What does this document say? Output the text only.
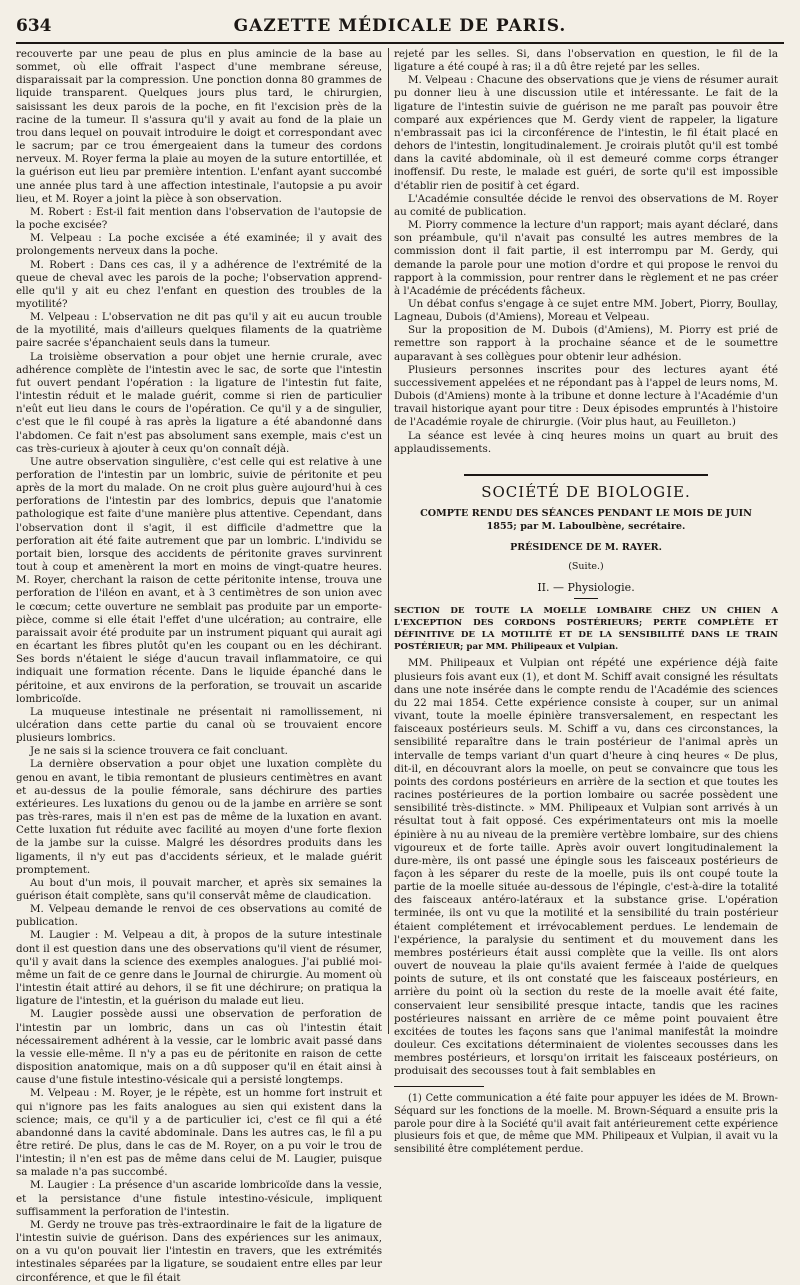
GAZETTE MÉDICALE DE PARIS.
634

recouverte par une peau de plus en plus amincie de la base au sommet, où elle offrait l'aspect d'une membrane séreuse, disparaissait par la compression. Une ponction donna 80 grammes de liquide transparent. Quelques jours plus tard, le chirurgien, saisissant les deux parois de la poche, en fit l'excision près de la racine de la tumeur. Il s'assura qu'il y avait au fond de la plaie un trou dans lequel on pouvait introduire le doigt et correspondant avec le sacrum; par ce trou émergeaient dans la tumeur des cordons nerveux. M. Royer ferma la plaie au moyen de la suture entortillée, et la guérison eut lieu par première intention. L'enfant ayant succombé une année plus tard à une affection intestinale, l'autopsie a pu avoir lieu, et M. Royer a joint la pièce à son observation.

M. Robert : Est-il fait mention dans l'observation de l'autopsie de la poche excisée?

M. Velpeau : La poche excisée a été examinée; il y avait des prolongements nerveux dans la poche.

M. Robert : Dans ces cas, il y a adhérence de l'extrémité de la queue de cheval avec les parois de la poche; l'observation apprend-elle qu'il y ait eu chez l'enfant en question des troubles de la myotilité?

M. Velpeau : L'observation ne dit pas qu'il y ait eu aucun trouble de la myotilité, mais d'ailleurs quelques filaments de la quatrième paire sacrée s'épanchaient seuls dans la tumeur.

La troisième observation a pour objet une hernie crurale, avec adhérence complète de l'intestin avec le sac, de sorte que l'intestin fut ouvert pendant l'opération : la ligature de l'intestin fut faite, l'intestin réduit et le malade guérit, comme si rien de particulier n'eût eut lieu dans le cours de l'opération. Ce qu'il y a de singulier, c'est que le fil coupé à ras après la ligature a été abandonné dans l'abdomen. Ce fait n'est pas absolument sans exemple, mais c'est un cas très-curieux à ajouter à ceux qu'on connaît déjà.

Une autre observation singulière, c'est celle qui est relative à une perforation de l'intestin par un lombric, suivie de péritonite et peu après de la mort du malade. On ne croit plus guère aujourd'hui à ces perforations de l'intestin par des lombrics, depuis que l'anatomie pathologique est faite d'une manière plus attentive. Cependant, dans l'observation dont il s'agit, il est difficile d'admettre que la perforation ait été faite autrement que par un lombric. L'individu se portait bien, lorsque des accidents de péritonite graves survinrent tout à coup et amenèrent la mort en moins de vingt-quatre heures. M. Royer, cherchant la raison de cette péritonite intense, trouva une perforation de l'iléon en avant, et à 3 centimètres de son union avec le cœcum; cette ouverture ne semblait pas produite par un emporte-pièce, comme si elle était l'effet d'une ulcération; au contraire, elle paraissait avoir été produite par un instrument piquant qui aurait agi en écartant les fibres plutôt qu'en les coupant ou en les déchirant. Ses bords n'étaient le siége d'aucun travail inflammatoire, ce qui indiquait une formation récente. Dans le liquide épanché dans le péritoine, et aux environs de la perforation, se trouvait un ascaride lombricoïde.

La muqueuse intestinale ne présentait ni ramollissement, ni ulcération dans cette partie du canal où se trouvaient encore plusieurs lombrics.

Je ne sais si la science trouvera ce fait concluant.

La dernière observation a pour objet une luxation complète du genou en avant, le tibia remontant de plusieurs centimètres en avant et au-dessus de la poulie fémorale, sans déchirure des parties extérieures. Les luxations du genou ou de la jambe en arrière se sont pas très-rares, mais il n'en est pas de même de la luxation en avant. Cette luxation fut réduite avec facilité au moyen d'une forte flexion de la jambe sur la cuisse. Malgré les désordres produits dans les ligaments, il n'y eut pas d'accidents sérieux, et le malade guérit promptement.

Au bout d'un mois, il pouvait marcher, et après six semaines la guérison était complète, sans qu'il conservât même de claudication.

M. Velpeau demande le renvoi de ces observations au comité de publication.

M. Laugier : M. Velpeau a dit, à propos de la suture intestinale dont il est question dans une des observations qu'il vient de résumer, qu'il y avait dans la science des exemples analogues. J'ai publié moi-même un fait de ce genre dans le Journal de chirurgie. Au moment où l'intestin était attiré au dehors, il se fit une déchirure; on pratiqua la ligature de l'intestin, et la guérison du malade eut lieu.

M. Laugier possède aussi une observation de perforation de l'intestin par un lombric, dans un cas où l'intestin était nécessairement adhérent à la vessie, car le lombric avait passé dans la vessie elle-même. Il n'y a pas eu de péritonite en raison de cette disposition anatomique, mais on a dû supposer qu'il en était ainsi à cause d'une fistule intestino-vésicale qui a persisté longtemps.

M. Velpeau : M. Royer, je le répète, est un homme fort instruit et qui n'ignore pas les faits analogues au sien qui existent dans la science; mais, ce qu'il y a de particulier ici, c'est ce fil qui a été abandonné dans la cavité abdominale. Dans les autres cas, le fil a pu être retiré. De plus, dans le cas de M. Royer, on a pu voir le trou de l'intestin; il n'en est pas de même dans celui de M. Laugier, puisque sa malade n'a pas succombé.

M. Laugier : La présence d'un ascaride lombricoïde dans la vessie, et la persistance d'une fistule intestino-vésicule, impliquent suffisamment la perforation de l'intestin.

M. Gerdy ne trouve pas très-extraordinaire le fait de la ligature de l'intestin suivie de guérison. Dans des expériences sur les animaux, on a vu qu'on pouvait lier l'intestin en travers, que les extrémités intestinales séparées par la ligature, se soudaient entre elles par leur circonférence, et que le fil était

rejeté par les selles. Si, dans l'observation en question, le fil de la ligature a été coupé à ras; il a dû être rejeté par les selles.

M. Velpeau : Chacune des observations que je viens de résumer aurait pu donner lieu à une discussion utile et intéressante. Le fait de la ligature de l'intestin suivie de guérison ne me paraît pas pouvoir être comparé aux expériences que M. Gerdy vient de rappeler, la ligature n'embrassait pas ici la circonférence de l'intestin, le fil était placé en dehors de l'intestin, longitudinalement. Je croirais plutôt qu'il est tombé dans la cavité abdominale, où il est demeuré comme corps étranger inoffensif. Du reste, le malade est guéri, de sorte qu'il est impossible d'établir rien de positif à cet égard.

L'Académie consultée décide le renvoi des observations de M. Royer au comité de publication.

M. Piorry commence la lecture d'un rapport; mais ayant déclaré, dans son préambule, qu'il n'avait pas consulté les autres membres de la commission dont il fait partie, il est interrompu par M. Gerdy, qui demande la parole pour une motion d'ordre et qui propose le renvoi du rapport à la commission, pour rentrer dans le règlement et ne pas créer à l'Académie de précédents fâcheux.

Un débat confus s'engage à ce sujet entre MM. Jobert, Piorry, Boullay, Lagneau, Dubois (d'Amiens), Moreau et Velpeau.

Sur la proposition de M. Dubois (d'Amiens), M. Piorry est prié de remettre son rapport à la prochaine séance et de le soumettre auparavant à ses collègues pour obtenir leur adhésion.

Plusieurs personnes inscrites pour des lectures ayant été successivement appelées et ne répondant pas à l'appel de leurs noms, M. Dubois (d'Amiens) monte à la tribune et donne lecture à l'Académie d'un travail historique ayant pour titre : Deux épisodes empruntés à l'histoire de l'Académie royale de chirurgie. (Voir plus haut, au Feuilleton.)

La séance est levée à cinq heures moins un quart au bruit des applaudissements.

SOCIÉTÉ DE BIOLOGIE.
COMPTE RENDU DES SÉANCES PENDANT LE MOIS DE JUIN 1855; par M. Laboulbène, secrétaire.
PRÉSIDENCE DE M. RAYER.
(Suite.)
II. — Physiologie.
SECTION DE TOUTE LA MOELLE LOMBAIRE CHEZ UN CHIEN A L'EXCEPTION DES CORDONS POSTÉRIEURS; PERTE COMPLÈTE ET DÉFINITIVE DE LA MOTILITÉ ET DE LA SENSIBILITÉ DANS LE TRAIN POSTÉRIEUR; par MM. Philipeaux et Vulpian.

MM. Philipeaux et Vulpian ont répété une expérience déjà faite plusieurs fois avant eux (1), et dont M. Schiff avait consigné les résultats dans une note insérée dans le compte rendu de l'Académie des sciences du 22 mai 1854. Cette expérience consiste à couper, sur un animal vivant, toute la moelle épinière transversalement, en respectant les faisceaux postérieurs seuls. M. Schiff a vu, dans ces circonstances, la sensibilité reparaître dans le train postérieur de l'animal après un intervalle de temps variant d'un quart d'heure à cinq heures « De plus, dit-il, en découvrant alors la moelle, on peut se convaincre que tous les points des cordons postérieurs en arrière de la section et que toutes les racines postérieures de la portion lombaire ou sacrée possèdent une sensibilité très-distincte. » MM. Philipeaux et Vulpian sont arrivés à un résultat tout à fait opposé. Ces expérimentateurs ont mis la moelle épinière à nu au niveau de la première vertèbre lombaire, sur des chiens vigoureux et de forte taille. Après avoir ouvert longitudinalement la dure-mère, ils ont passé une épingle sous les faisceaux postérieurs de façon à les séparer du reste de la moelle, puis ils ont coupé toute la partie de la moelle située au-dessous de l'épingle, c'est-à-dire la totalité des faisceaux antéro-latéraux et la substance grise. L'opération terminée, ils ont vu que la motilité et la sensibilité du train postérieur étaient complétement et irrévocablement perdues. Le lendemain de l'expérience, la paralysie du sentiment et du mouvement dans les membres postérieurs était aussi complète que la veille. Ils ont alors ouvert de nouveau la plaie qu'ils avaient fermée à l'aide de quelques points de suture, et ils ont constaté que les faisceaux postérieurs, en arrière du point où la section du reste de la moelle avait été faite, conservaient leur sensibilité presque intacte, tandis que les racines postérieures naissant en arrière de ce même point pouvaient être excitées de toutes les façons sans que l'animal manifestât la moindre douleur. Ces excitations déterminaient de violentes secousses dans les membres postérieurs, et lorsqu'on irritait les faisceaux postérieurs, on produisait des secousses tout à fait semblables en

(1) Cette communication a été faite pour appuyer les idées de M. Brown-Séquard sur les fonctions de la moelle. M. Brown-Séquard a ensuite pris la parole pour dire à la Société qu'il avait fait antérieurement cette expérience plusieurs fois et que, de même que MM. Philipeaux et Vulpian, il avait vu la sensibilité être complétement perdue.
